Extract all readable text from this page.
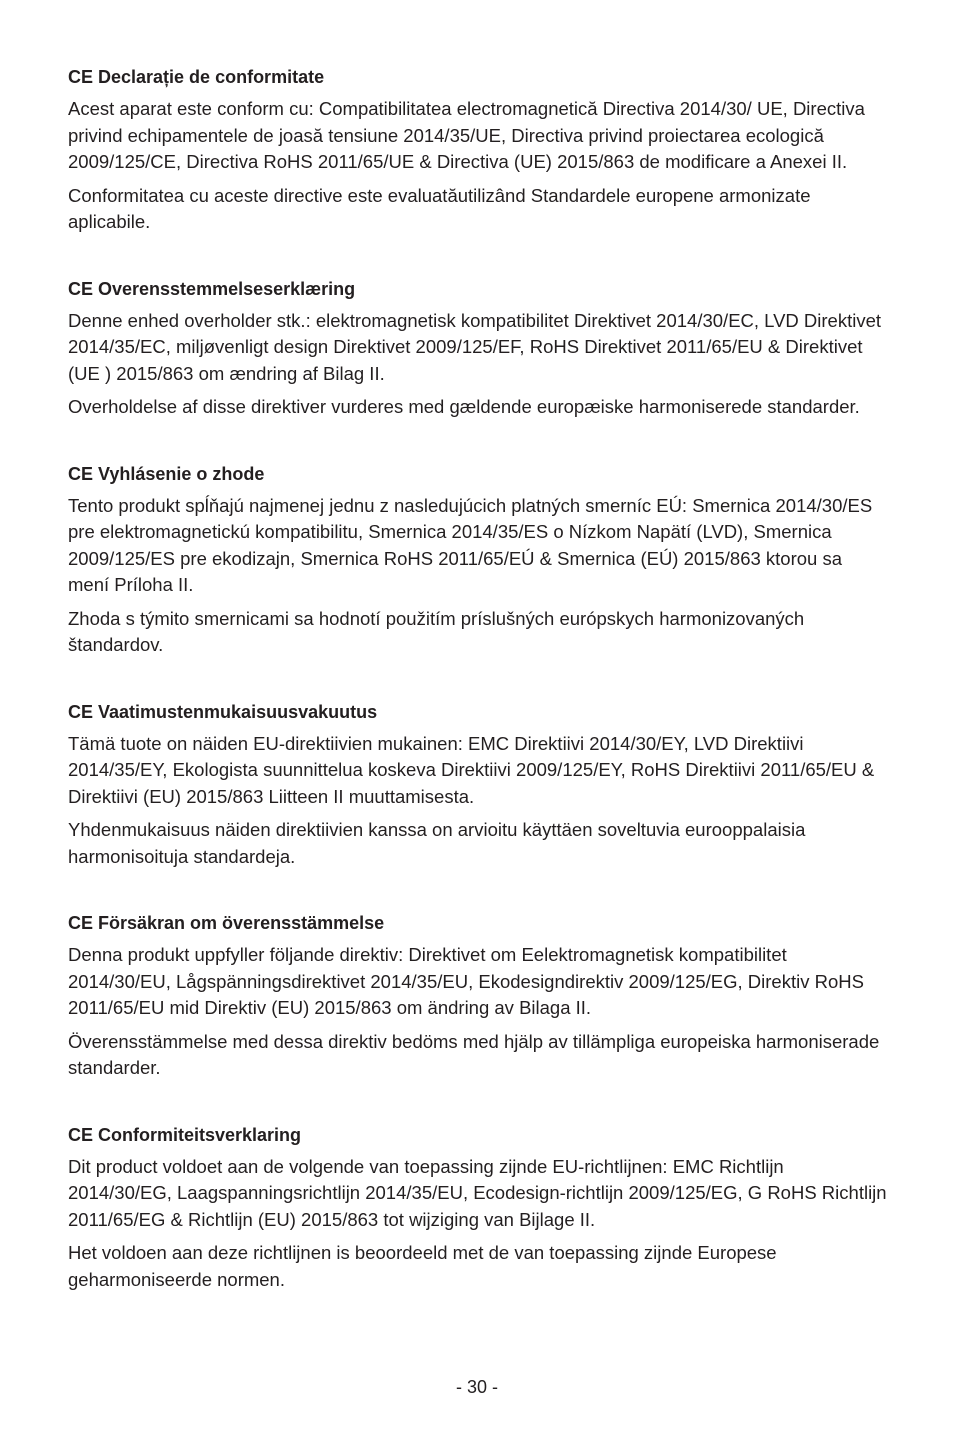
CE Declarație de conformitate
Acest aparat este conform cu: Compatibilitatea electromagnetică Directiva 2014/30/ UE, Directiva privind echipamentele de joasă tensiune 2014/35/UE, Directiva privind proiectarea ecologică 2009/125/CE, Directiva RoHS 2011/65/UE & Directiva (UE) 2015/863 de modificare a Anexei II.
Conformitatea cu aceste directive este evaluatăutilizând Standardele europene armonizate aplicabile.
CE Overensstemmelseserklæring
Denne enhed overholder stk.: elektromagnetisk kompatibilitet Direktivet 2014/30/EC, LVD Direktivet 2014/35/EC, miljøvenligt design Direktivet 2009/125/EF, RoHS Direktivet 2011/65/EU & Direktivet (UE ) 2015/863 om ændring af Bilag II.
Overholdelse af disse direktiver vurderes med gældende europæiske harmoniserede standarder.
CE Vyhlásenie o zhode
Tento produkt spĺňajú najmenej jednu z nasledujúcich platných smerníc EÚ: Smernica 2014/30/ES pre elektromagnetickú kompatibilitu, Smernica 2014/35/ES o Nízkom Napätí (LVD), Smernica 2009/125/ES pre ekodizajn, Smernica RoHS 2011/65/EÚ & Smernica (EÚ) 2015/863 ktorou sa mení Príloha II.
Zhoda s týmito smernicami sa hodnotí použitím príslušných európskych harmonizovaných štandardov.
CE Vaatimustenmukaisuusvakuutus
Tämä tuote on näiden EU-direktiivien mukainen: EMC Direktiivi 2014/30/EY, LVD Direktiivi 2014/35/EY, Ekologista suunnittelua koskeva Direktiivi 2009/125/EY, RoHS Direktiivi 2011/65/EU & Direktiivi (EU) 2015/863 Liitteen II muuttamisesta.
Yhdenmukaisuus näiden direktiivien kanssa on arvioitu käyttäen soveltuvia eurooppalaisia harmonisoituja standardeja.
CE Försäkran om överensstämmelse
Denna produkt uppfyller följande direktiv: Direktivet om Eelektromagnetisk kompatibilitet 2014/30/EU, Lågspänningsdirektivet 2014/35/EU, Ekodesigndirektiv 2009/125/EG, Direktiv RoHS 2011/65/EU mid Direktiv (EU) 2015/863 om ändring av Bilaga II.
Överensstämmelse med dessa direktiv bedöms med hjälp av tillämpliga europeiska harmoniserade standarder.
CE Conformiteitsverklaring
Dit product voldoet aan de volgende van toepassing zijnde EU-richtlijnen: EMC Richtlijn 2014/30/EG, Laagspanningsrichtlijn 2014/35/EU, Ecodesign-richtlijn 2009/125/EG, G RoHS Richtlijn 2011/65/EG & Richtlijn (EU) 2015/863 tot wijziging van Bijlage II.
Het voldoen aan deze richtlijnen is beoordeeld met de van toepassing zijnde Europese geharmoniseerde normen.
- 30 -
